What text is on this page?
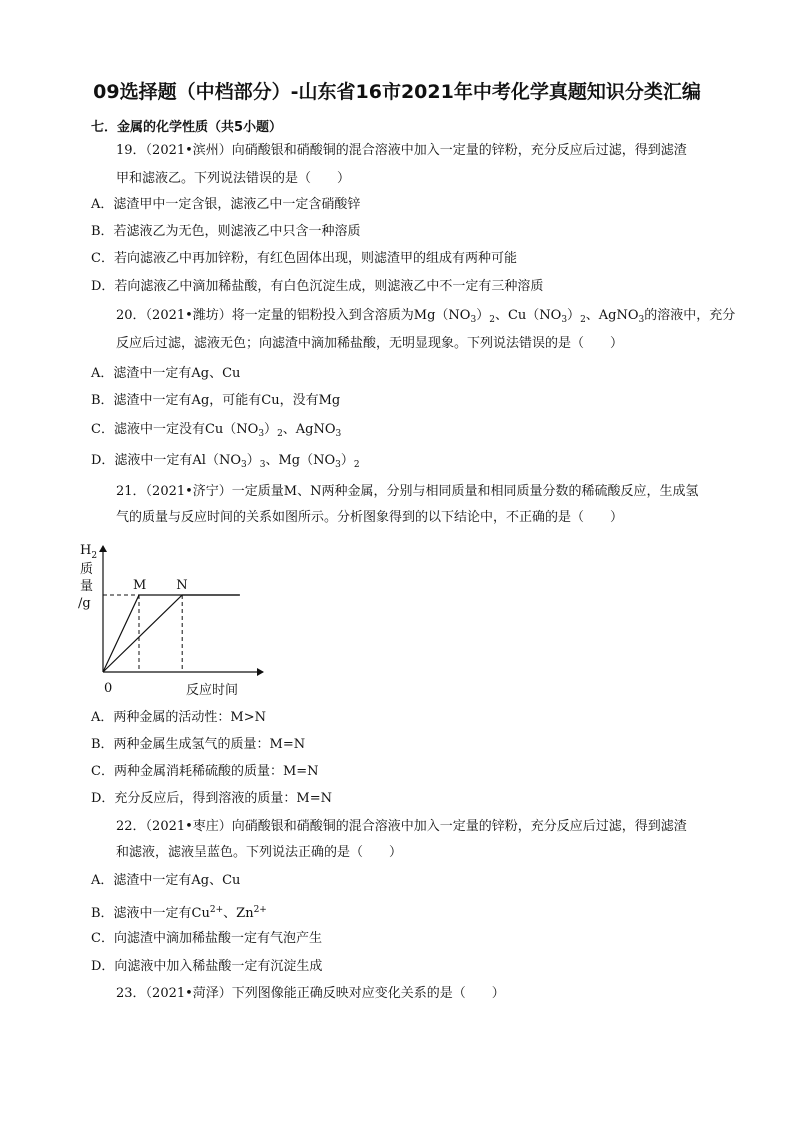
09选择题（中档部分）-山东省16市2021年中考化学真题知识分类汇编
七．金属的化学性质（共5小题）
19．（2021•滨州）向硝酸银和硝酸铜的混合溶液中加入一定量的锌粉，充分反应后过滤，得到滤渣
甲和滤液乙。下列说法错误的是（　　）
A．滤渣甲中一定含银，滤液乙中一定含硝酸锌
B．若滤液乙为无色，则滤液乙中只含一种溶质
C．若向滤液乙中再加锌粉，有红色固体出现，则滤渣甲的组成有两种可能
D．若向滤液乙中滴加稀盐酸，有白色沉淀生成，则滤液乙中不一定有三种溶质
20．（2021•潍坊）将一定量的铝粉投入到含溶质为$Mg(NO_3)_2$、$Cu(NO_3)_2$、AgNO$_3$的溶液中，充分
反应后过滤，滤液无色；向滤渣中滴加稀盐酸，无明显现象。下列说法错误的是（　　）
A．滤渣中一定有Ag、Cu
B．滤渣中一定有Ag，可能有Cu，没有Mg
C．滤液中一定没有$Cu(NO_3)_2$、AgNO$_3$
D．滤液中一定有$Al(NO_3)_3$、$Mg(NO_3)_2$
21．（2021•济宁）一定质量M、N两种金属，分别与相同质量和相同质量分数的稀硫酸反应，生成氢
气的质量与反应时间的关系如图所示。分析图象得到的以下结论中，不正确的是（　　）
$H_2$
质
量
/g
0	反应时间
M N
A．两种金属的活动性：M>N
B．两种金属生成氢气的质量：M=N
C．两种金属消耗稀硫酸的质量：M=N
D．充分反应后，得到溶液的质量：M=N
22．（2021•枣庄）向硝酸银和硝酸铜的混合溶液中加入一定量的锌粉，充分反应后过滤，得到滤渣
和滤液，滤液呈蓝色。下列说法正确的是（　　）
A．滤渣中一定有Ag、Cu
B．滤液中一定有$Cu^{2+}$、$Zn^{2+}$
C．向滤渣中滴加稀盐酸一定有气泡产生
D．向滤液中加入稀盐酸一定有沉淀生成
23．（2021•菏泽）下列图像能正确反映对应变化关系的是（　　）
